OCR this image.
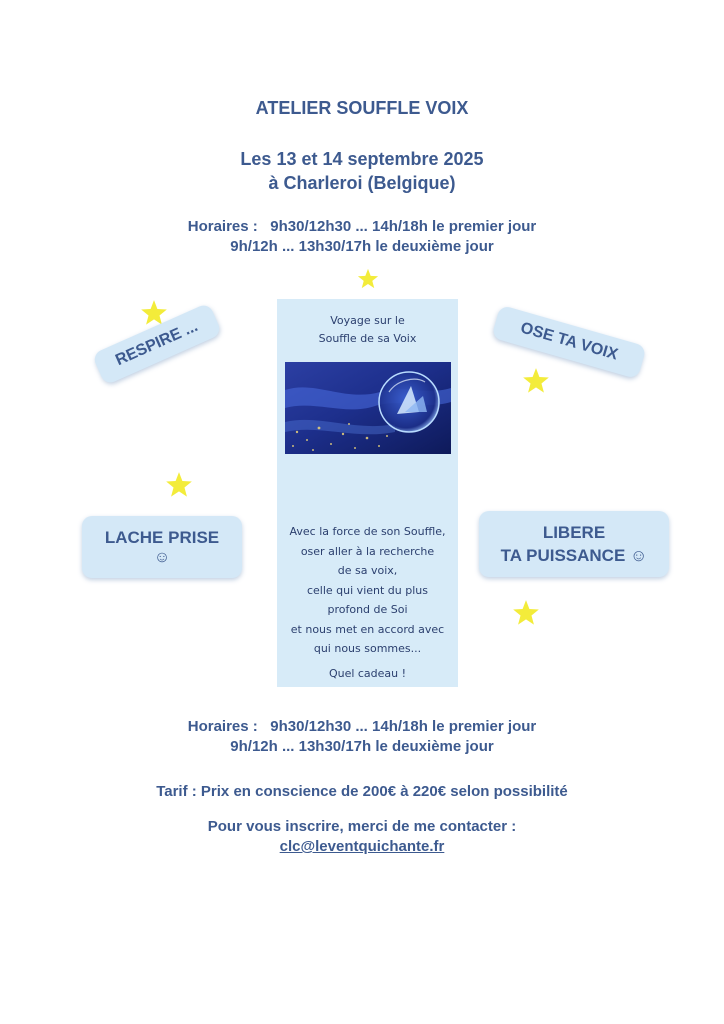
ATELIER SOUFFLE VOIX
Les 13 et 14 septembre 2025
à Charleroi (Belgique)
Horaires :   9h30/12h30 ... 14h/18h le premier jour
9h/12h ... 13h30/17h le deuxième jour
RESPIRE ...	OSE TA VOIX
LACHE PRISE
☺
LIBERE
TA PUISSANCE ☺
Voyage sur le
Souffle de sa Voix
Avec la force de son Souffle,
oser aller à la recherche
de sa voix,
celle qui vient du plus
profond de Soi
et nous met en accord avec
qui nous sommes...
Quel cadeau !
Horaires :   9h30/12h30 ... 14h/18h le premier jour
9h/12h ... 13h30/17h le deuxième jour
Tarif : Prix en conscience de 200€ à 220€ selon possibilité
Pour vous inscrire, merci de me contacter :
clc@leventquichante.fr
